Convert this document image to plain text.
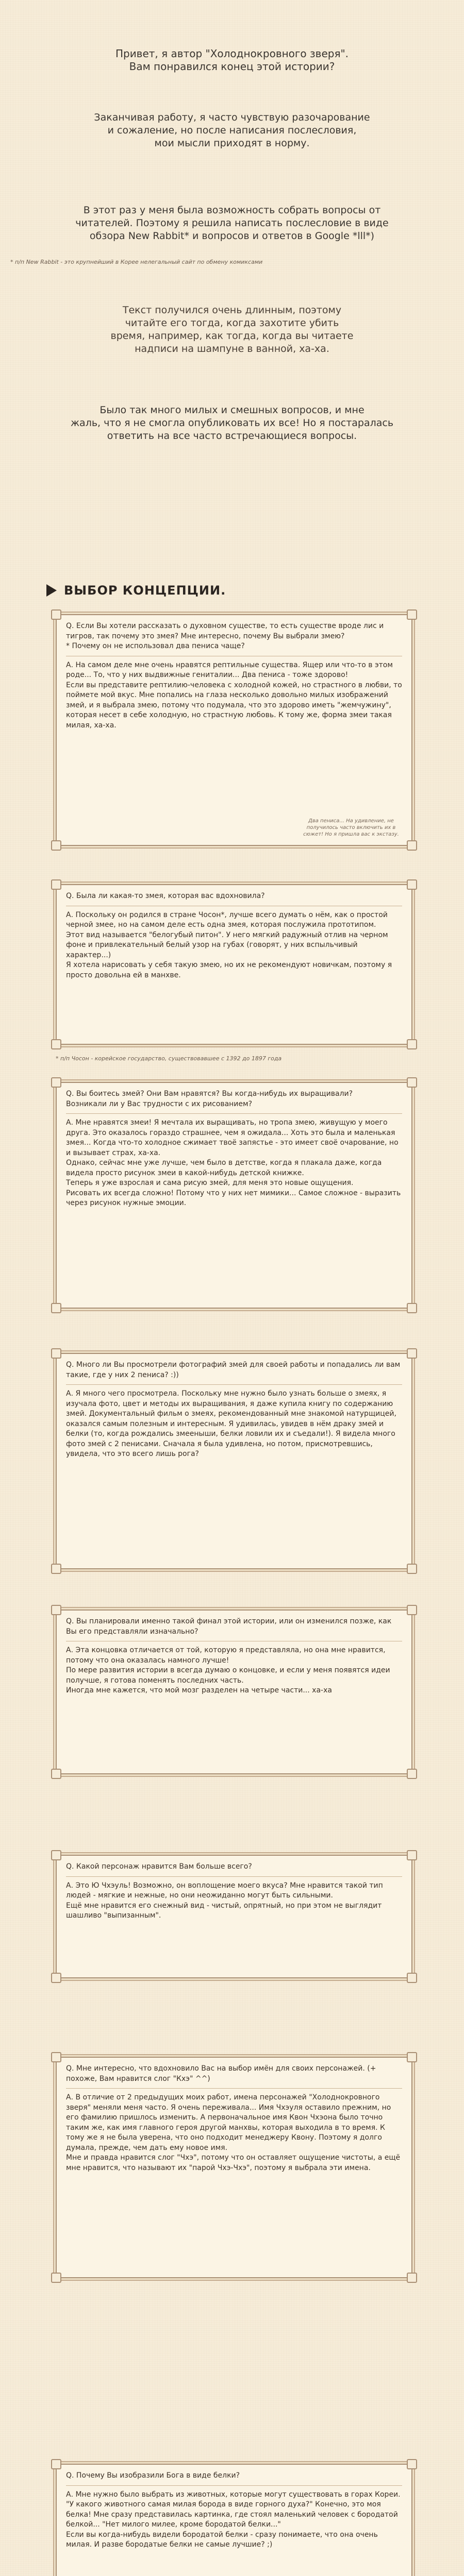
Привет, я автор "Холоднокровного зверя".
Вам понравился конец этой истории?

Заканчивая работу, я часто чувствую разочарование
и сожаление, но после написания послесловия,
мои мысли приходят в норму.

В этот раз у меня была возможность собрать вопросы от
читателей. Поэтому я решила написать послесловие в виде
обзора New Rabbit* и вопросов и ответов в Google *lll*)

* п/п New Rabbit - это крупнейший в Корее нелегальный сайт по обмену комиксами

Текст получился очень длинным, поэтому
читайте его тогда, когда захотите убить
время, например, как тогда, когда вы читаете
надписи на шампуне в ванной, ха-ха.

Было так много милых и смешных вопросов, и мне
жаль, что я не смогла опубликовать их все! Но я постаралась
ответить на все часто встречающиеся вопросы.

ВЫБОР КОНЦЕПЦИИ.

Q. Если Вы хотели рассказать о духовном существе, то есть существе вроде лис и тигров, так почему это змея? Мне интересно, почему Вы выбрали змею?
* Почему он не использовал два пениса чаще?

А. На самом деле мне очень нравятся рептильные существа. Ящер или что-то в этом роде... То, что у них выдвижные гениталии... Два пениса - тоже здорово!
Если вы представите рептилию-человека с холодной кожей, но страстного в любви, то поймете мой вкус. Мне попались на глаза несколько довольно милых изображений змей, и я выбрала змею, потому что подумала, что это здорово иметь "жемчужину", которая несет в себе холодную, но страстную любовь. К тому же, форма змеи такая милая, ха-ха.

Два пениса... На удивление, не получилось часто включить их в сюжет! Но я пришла вас к экстазу.

Q. Была ли какая-то змея, которая вас вдохновила?

А. Поскольку он родился в стране Чосон*, лучше всего думать о нём, как о простой черной змее, но на самом деле есть одна змея, которая послужила прототипом.
Этот вид называется "белогубый питон". У него мягкий радужный отлив на черном фоне и привлекательный белый узор на губах (говорят, у них вспыльчивый характер...)
Я хотела нарисовать у себя такую змею, но их не рекомендуют новичкам, поэтому я просто довольна ей в манхве.

* п/п Чосон - корейское государство, существовавшее с 1392 до 1897 года

Q. Вы боитесь змей? Они Вам нравятся? Вы когда-нибудь их выращивали?
Возникали ли у Вас трудности с их рисованием?

А. Мне нравятся змеи! Я мечтала их выращивать, но тропа змею, живущую у моего друга. Это оказалось гораздо страшнее, чем я ожидала... Хоть это была и маленькая змея... Когда что-то холодное сжимает твоё запястье - это имеет своё очарование, но и вызывает страх, ха-ха.
Однако, сейчас мне уже лучше, чем было в детстве, когда я плакала даже, когда видела просто рисунок змеи в какой-нибудь детской книжке.
Теперь я уже взрослая и сама рисую змей, для меня это новые ощущения.
Рисовать их всегда сложно! Потому что у них нет мимики... Самое сложное - выразить через рисунок нужные эмоции.

Q. Много ли Вы просмотрели фотографий змей для своей работы и попадались ли вам такие, где у них 2 пениса? :))

А. Я много чего просмотрела. Поскольку мне нужно было узнать больше о змеях, я изучала фото, цвет и методы их выращивания, я даже купила книгу по содержанию змей. Документальный фильм о змеях, рекомендованный мне знакомой натурщицей, оказался самым полезным и интересным. Я удивилась, увидев в нём драку змей и белки (то, когда рождались змееныши, белки ловили их и съедали!). Я видела много фото змей с 2 пенисами. Сначала я была удивлена, но потом, присмотревшись, увидела, что это всего лишь рога?

Q. Вы планировали именно такой финал этой истории, или он изменился позже, как Вы его представляли изначально?

А. Эта концовка отличается от той, которую я представляла, но она мне нравится, потому что она оказалась намного лучше!
По мере развития истории в всегда думаю о концовке, и если у меня появятся идеи получше, я готова поменять последних часть.
Иногда мне кажется, что мой мозг разделен на четыре части... ха-ха

Q. Какой персонаж нравится Вам больше всего?

А. Это Ю Чхэуль! Возможно, он воплощение моего вкуса? Мне нравится такой тип людей - мягкие и нежные, но они неожиданно могут быть сильными.
Ещё мне нравится его снежный вид - чистый, опрятный, но при этом не выглядит шашливо "выпизанным".

Q. Мне интересно, что вдохновило Вас на выбор имён для своих персонажей. (+ похоже, Вам нравится слог "Кхэ" ^^)

А. В отличие от 2 предыдущих моих работ, имена персонажей "Холоднокровного зверя" меняли меня часто. Я очень переживала... Имя Чхэуля оставило прежним, но его фамилию пришлось изменить. А первоначальное имя Квон Чхэона было точно таким же, как имя главного героя другой манхвы, которая выходила в то время. К тому же я не была уверена, что оно подходит менеджеру Квону. Поэтому я долго думала, прежде, чем дать ему новое имя.
Мне и правда нравится слог "Чхэ", потому что он оставляет ощущение чистоты, а ещё мне нравится, что называют их "парой Чхэ-Чхэ", поэтому я выбрала эти имена.

Q. Почему Вы изобразили Бога в виде белки?

А. Мне нужно было выбрать из животных, которые могут существовать в горах Кореи. "У какого животного самая милая борода в виде горного духа?" Конечно, это моя белка! Мне сразу представилась картинка, где стоял маленький человек с бородатой белкой... "Нет милого милее, кроме бородатой белки..."
Если вы когда-нибудь видели бородатой белки - сразу понимаете, что она очень милая. И разве бородатые белки не самые лучшие? ;)
